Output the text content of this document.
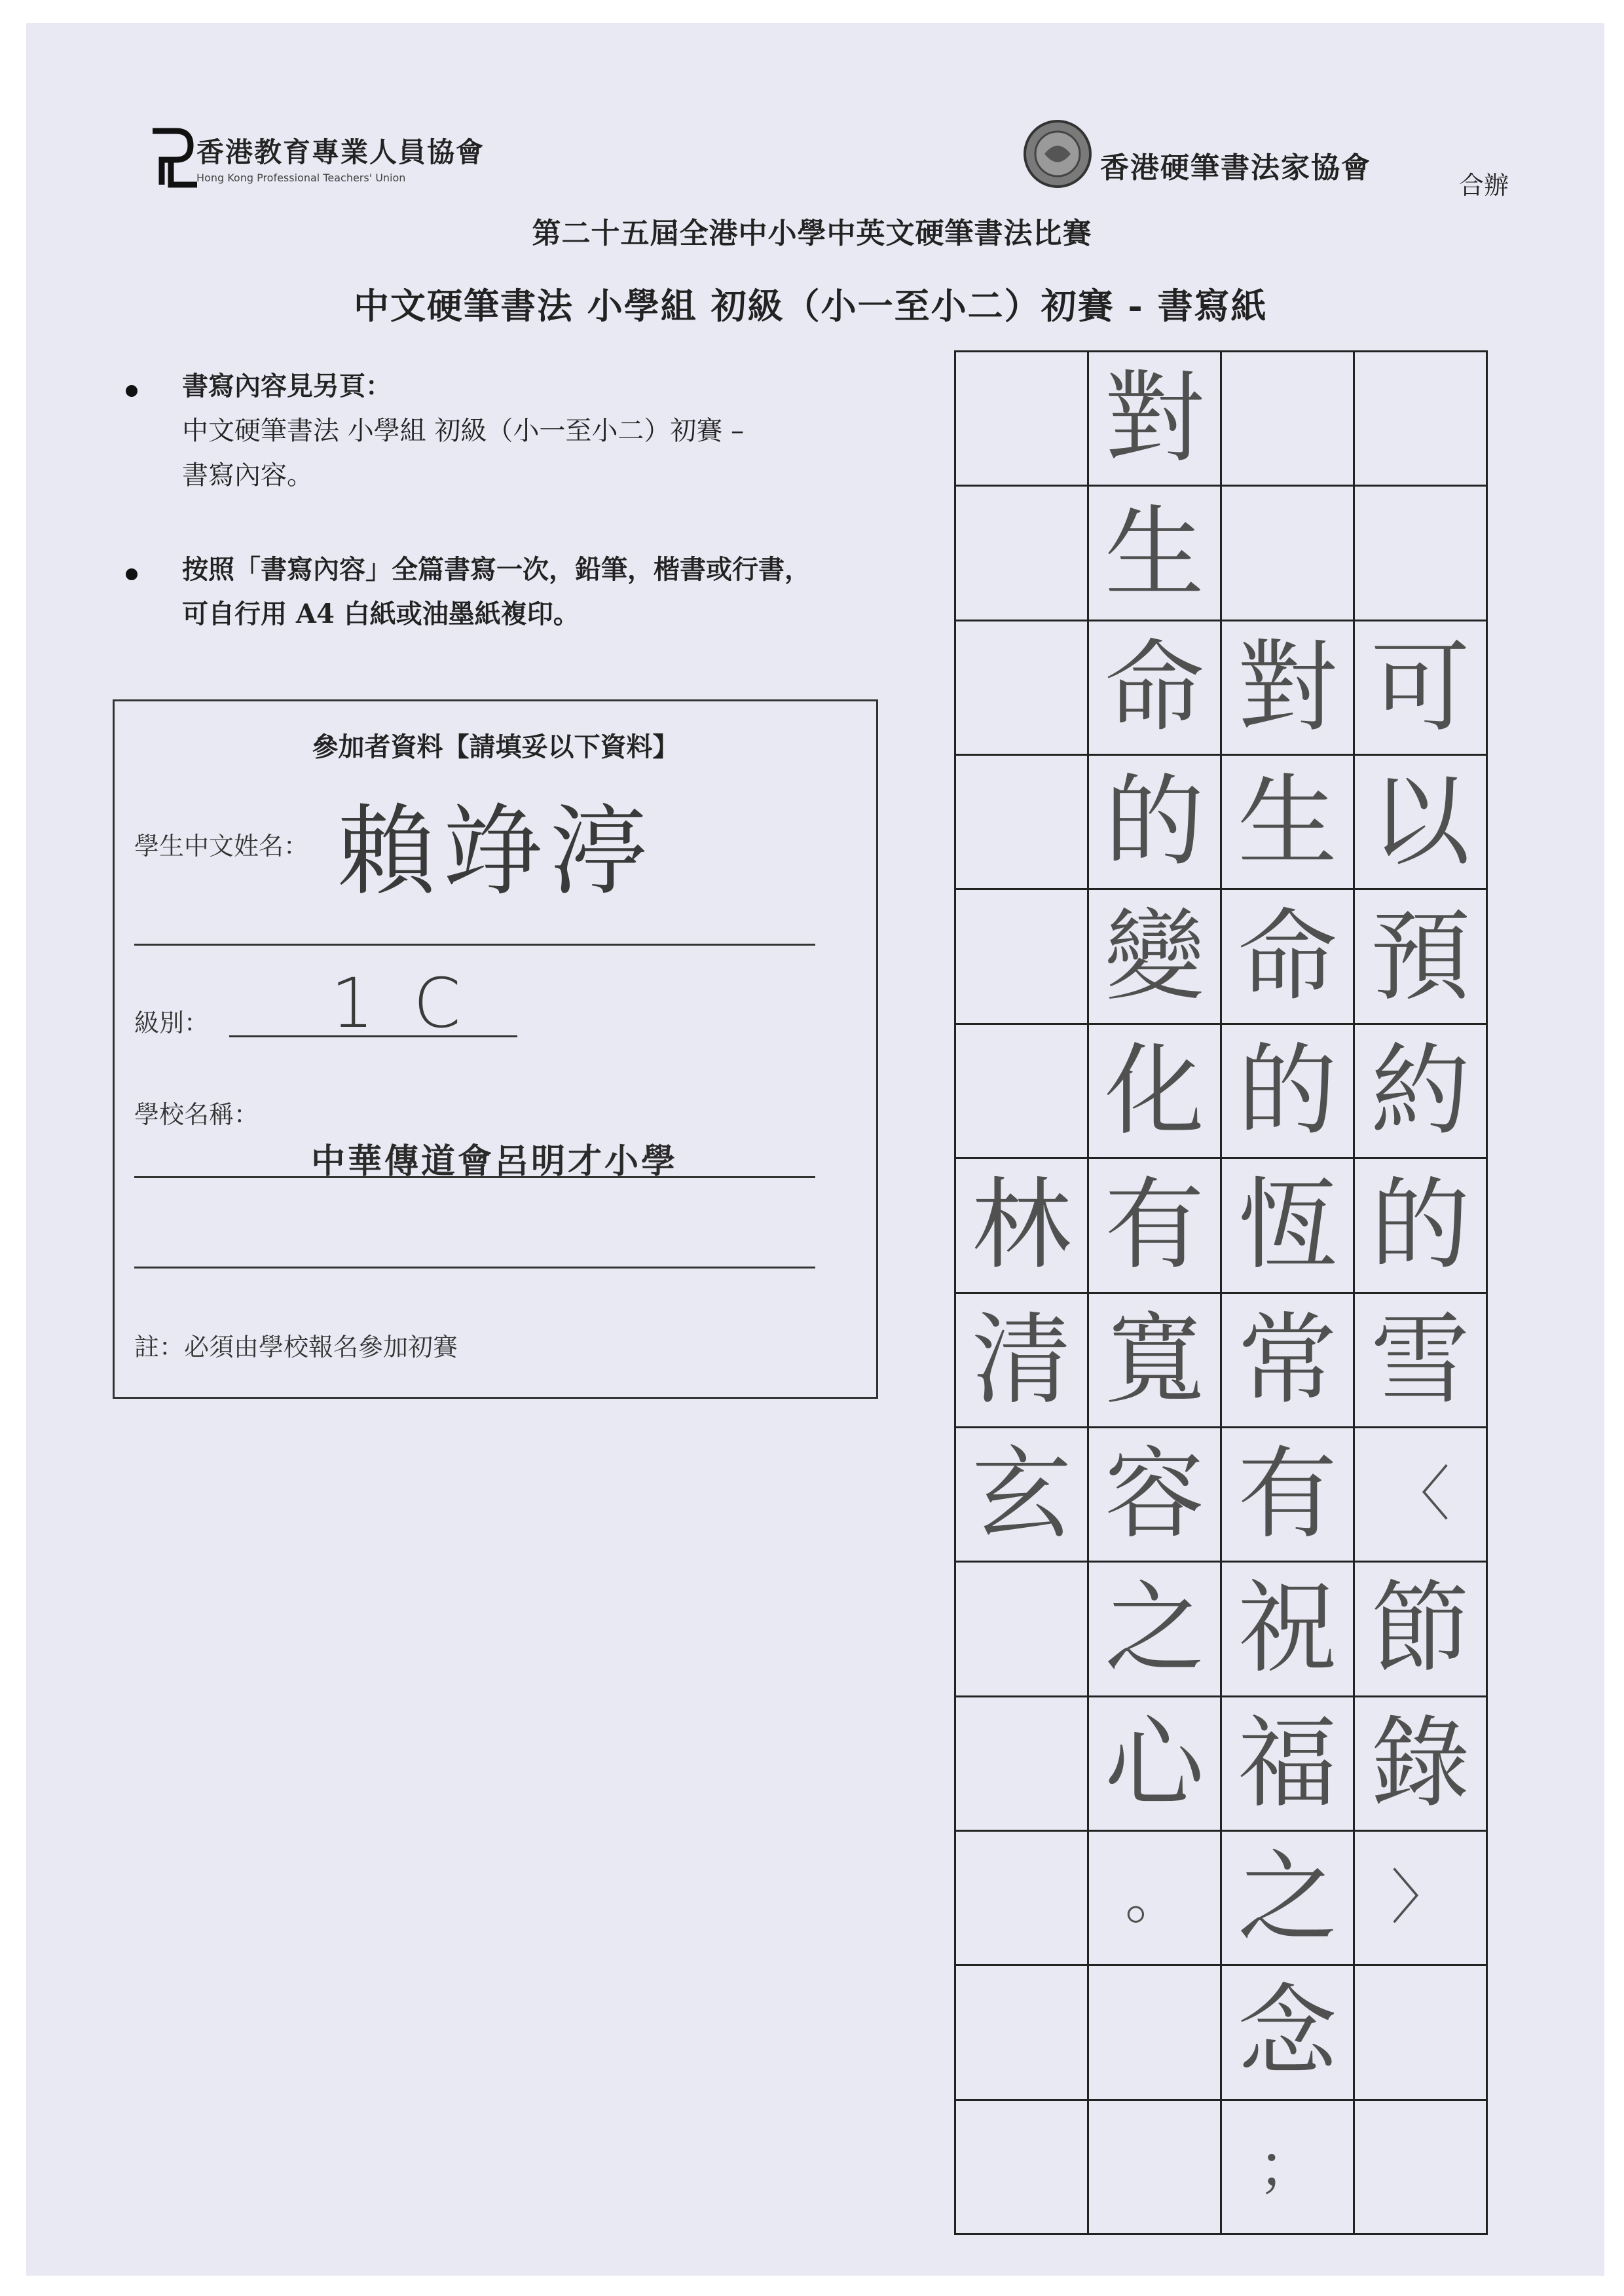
香港教育專業人員協會
Hong Kong Professional Teachers' Union	香港硬筆書法家協會
合辦
第二十五屆全港中小學中英文硬筆書法比賽
中文硬筆書法 小學組 初級（小一至小二）初賽 - 書寫紙
書寫內容見另頁：
中文硬筆書法 小學組 初級（小一至小二）初賽 –
書寫內容。
按照「書寫內容」全篇書寫一次，鉛筆，楷書或行書，
可自行用 A4 白紙或油墨紙複印。
參加者資料【請填妥以下資料】
學生中文姓名： 賴竫渟
級別： 1C
學校名稱：
中華傳道會呂明才小學
註：必須由學校報名參加初賽
對
生
命 對 可
的 生 以
變 命 預
化 的 約
林 有 恆 的
清 寬 常 雪
玄 容 有 〈
之 祝 節
心 福 錄
。 之 〉
念
；
